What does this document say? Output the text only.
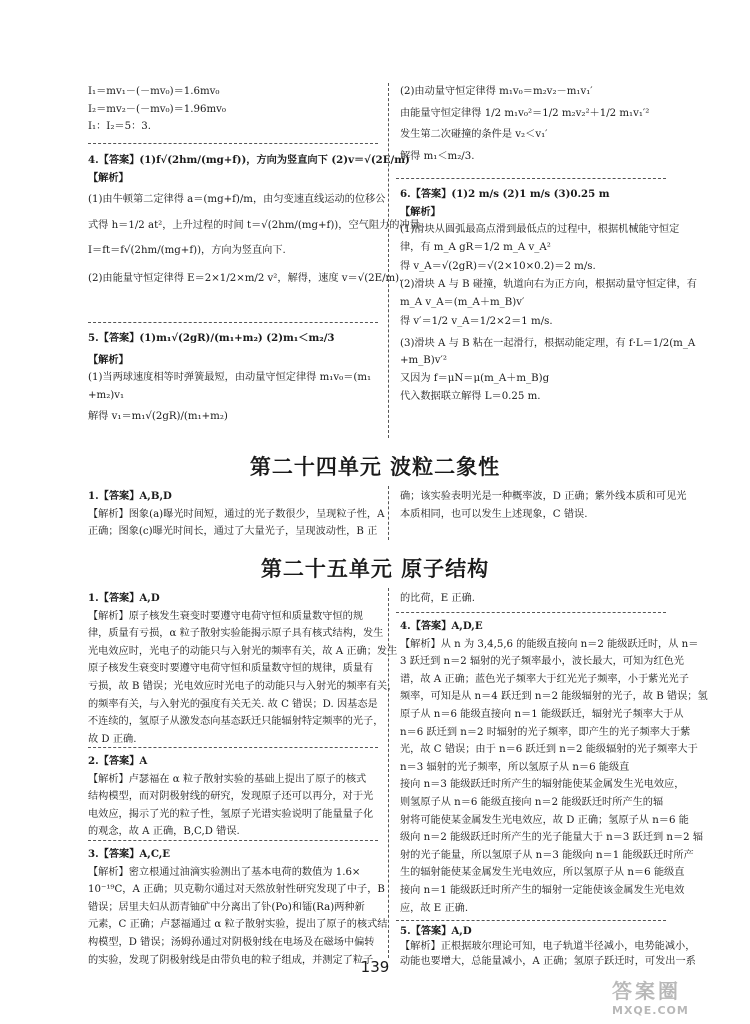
I₁＝mv₁－(－mv₀)＝1.6mv₀
I₂＝mv₂－(－mv₀)＝1.96mv₀
I₁：I₂＝5：3.
4.【答案】(1)f√(2hm/(mg+f))，方向为竖直向下 (2)v＝√(2E/m)
【解析】
(1)由牛顿第二定律得 a＝(mg+f)/m，由匀变速直线运动的位移公
式得 h＝1/2 at²，上升过程的时间 t＝√(2hm/(mg+f))，空气阻力的冲量
I＝ft＝f√(2hm/(mg+f))，方向为竖直向下.
(2)由能量守恒定律得 E＝2×1/2×m/2 v²，解得，速度 v＝√(2E/m).
5.【答案】(1)m₁√(2gR)/(m₁+m₂) (2)m₁＜m₂/3
【解析】
(1)当两球速度相等时弹簧最短，由动量守恒定律得 m₁v₀＝(m₁
+m₂)v₁
解得 v₁＝m₁√(2gR)/(m₁+m₂)
(2)由动量守恒定律得 m₁v₀＝m₂v₂－m₁v₁′
由能量守恒定律得 1/2 m₁v₀²＝1/2 m₂v₂²＋1/2 m₁v₁′²
发生第二次碰撞的条件是 v₂＜v₁′
解得 m₁＜m₂/3.
6.【答案】(1)2 m/s (2)1 m/s (3)0.25 m
【解析】
(1)滑块从圆弧最高点滑到最低点的过程中，根据机械能守恒定
律，有 m_A gR＝1/2 m_A v_A²
得 v_A＝√(2gR)＝√(2×10×0.2)＝2 m/s.
(2)滑块 A 与 B 碰撞，轨道向右为正方向，根据动量守恒定律，有
m_A v_A＝(m_A＋m_B)v′
得 v′＝1/2 v_A＝1/2×2＝1 m/s.
(3)滑块 A 与 B 粘在一起滑行，根据动能定理，有 f·L＝1/2(m_A
+m_B)v′²
又因为 f＝μN＝μ(m_A＋m_B)g
代入数据联立解得 L＝0.25 m.
第二十四单元 波粒二象性
1.【答案】A,B,D
【解析】图象(a)曝光时间短，通过的光子数很少，呈现粒子性，A
正确；图象(c)曝光时间长，通过了大量光子，呈现波动性，B 正
确；该实验表明光是一种概率波，D 正确；紫外线本质和可见光
本质相同，也可以发生上述现象，C 错误.
第二十五单元 原子结构
1.【答案】A,D
【解析】原子核发生衰变时要遵守电荷守恒和质量数守恒的规
律，质量有亏损，α 粒子散射实验能揭示原子具有核式结构，发生
光电效应时，光电子的动能只与入射光的频率有关，故 A 正确；发生
原子核发生衰变时要遵守电荷守恒和质量数守恒的规律，质量有
亏损，故 B 错误；光电效应时光电子的动能只与入射光的频率有关，
的频率有关，与入射光的强度有关无关. 故 C 错误；D. 因基态是
不连续的，氢原子从激发态向基态跃迁只能辐射特定频率的光子，
故 D 正确.
2.【答案】A
【解析】卢瑟福在 α 粒子散射实验的基础上提出了原子的核式
结构模型，而对阴极射线的研究，发现原子还可以再分，对于光
电效应，揭示了光的粒子性，氢原子光谱实验说明了能量量子化
的观念，故 A 正确，B,C,D 错误.
3.【答案】A,C,E
【解析】密立根通过油滴实验测出了基本电荷的数值为 1.6×
10⁻¹⁹C，A 正确；贝克勒尔通过对天然放射性研究发现了中子，B
错误；居里夫妇从沥青铀矿中分离出了钋(Po)和镭(Ra)两种新
元素，C 正确；卢瑟福通过 α 粒子散射实验，提出了原子的核式结
构模型，D 错误；汤姆孙通过对阴极射线在电场及在磁场中偏转
的实验，发现了阴极射线是由带负电的粒子组成，并测定了粒子
的比荷，E 正确.
4.【答案】A,D,E
【解析】从 n 为 3,4,5,6 的能级直接向 n＝2 能级跃迁时，从 n＝
3 跃迁到 n＝2 辐射的光子频率最小，波长最大，可知为红色光
谱，故 A 正确；蓝色光子频率大于红光光子频率，小于紫光光子
频率，可知是从 n＝4 跃迁到 n＝2 能级辐射的光子，故 B 错误；氢
原子从 n＝6 能级直接向 n＝1 能级跃迁，辐射光子频率大于从
n＝6 跃迁到 n＝2 时辐射的光子频率，即产生的光子频率大于紫
光，故 C 错误；由于 n＝6 跃迁到 n＝2 能级辐射的光子频率大于
n＝3 辐射的光子频率，所以氢原子从 n＝6 能级直
接向 n＝3 能级跃迁时所产生的辐射能使某金属发生光电效应，
则氢原子从 n＝6 能级直接向 n＝2 能级跃迁时所产生的辐
射将可能使某金属发生光电效应，故 D 正确；氢原子从 n＝6 能
级向 n＝2 能级跃迁时所产生的光子能量大于 n＝3 跃迁到 n＝2 辐
射的光子能量，所以氢原子从 n＝3 能级向 n＝1 能级跃迁时所产
生的辐射能使某金属发生光电效应，所以氢原子从 n＝6 能级直
接向 n＝1 能级跃迁时所产生的辐射一定能使该金属发生光电效
应，故 E 正确.
5.【答案】A,D
【解析】正根据玻尔理论可知，电子轨道半径减小，电势能减小，
动能也要增大，总能量减小，A 正确；氢原子跃迁时，可发出一系
139
答案圈
MXQE.COM
